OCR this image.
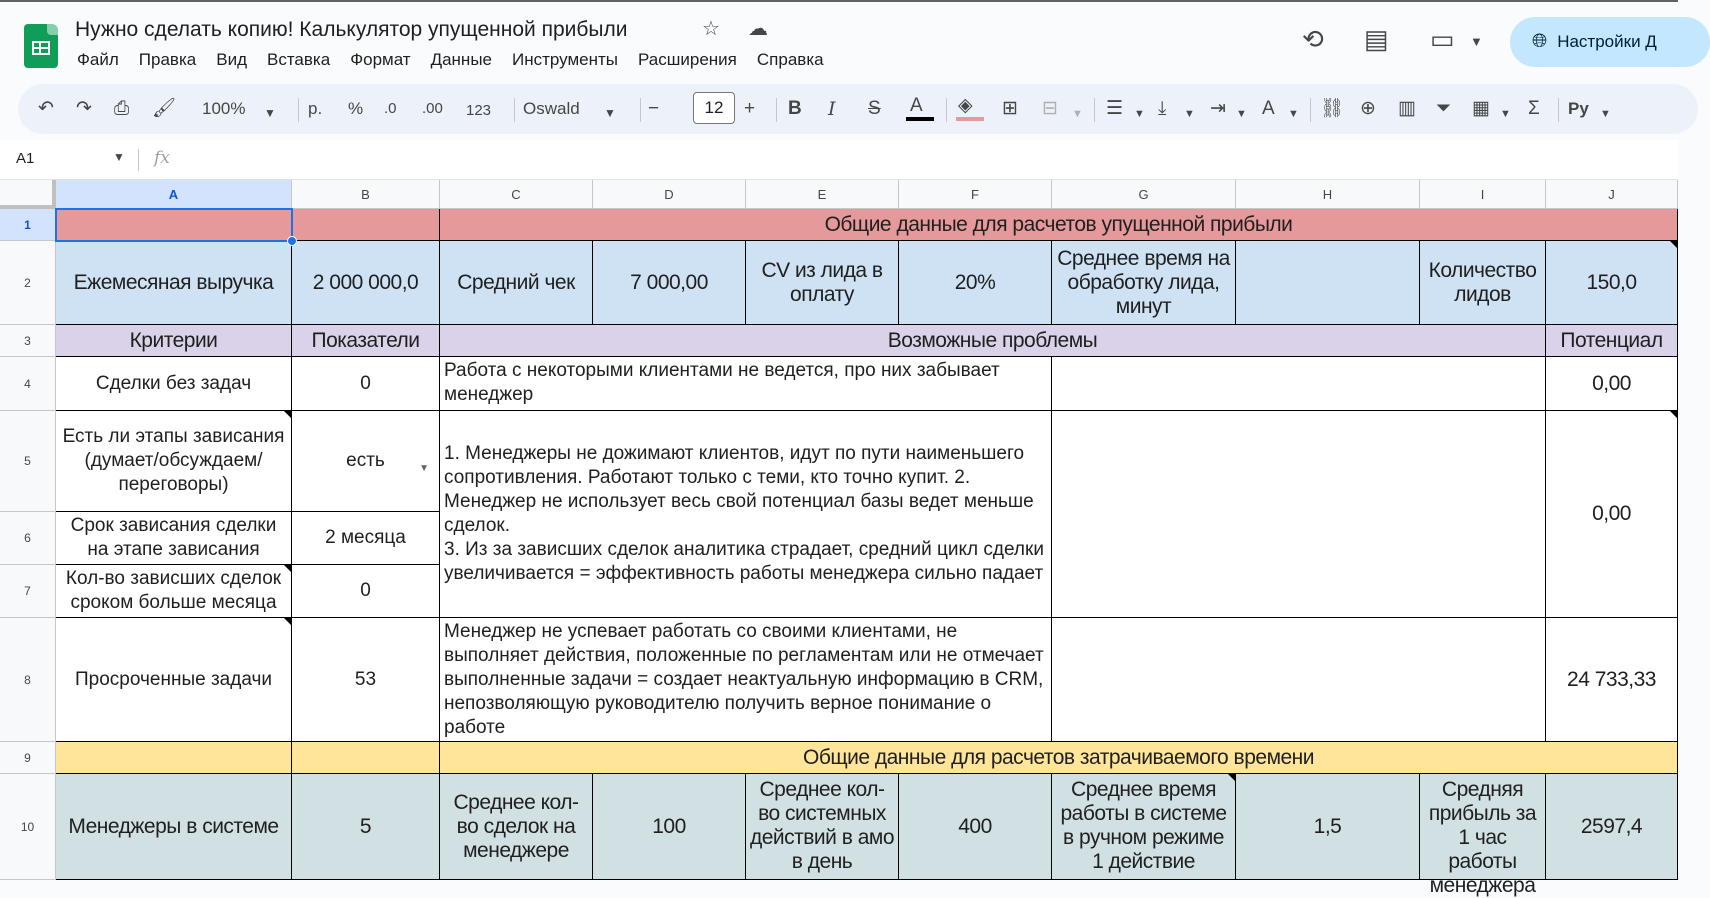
Нужно сделать копию! Калькулятор упущенной прибыли	☆ ☁
Файл Правка Вид Вставка Формат Данные Инструменты Расширения Справка
⟲ ▤ ▭ ▼	🌐︎ Настройки Д
↶ ↷ ⎙ 🖌︎ 100% ▼ р. % .0 .00 123 Oswald ▼ −	12	+ B I S A ◈ ⊞ ⊟ ▼ ☰ ▼ ⤓ ▼ ⇥ ▼ A ▼ ⛓︎ ⊕ ▥ ⏷ ▦ ▼ Σ Ру ▼
A1	▼ fx
A	B	C	D	E	F	G	H	I	J
1
2
3
4
5
6
7
8
9
10
Общие данные для расчетов упущенной прибыли
Ежемесяная выручка	2 000 000,0	Средний чек	7 000,00
CV из лида в оплату
20%
Среднее время на обработку лида, минут
Количество лидов
150,0
Критерии	Показатели	Возможные проблемы	Потенциал
Сделки без задач	0
Работа с некоторыми клиентами не ведется, про них забывает менеджер	0,00
Есть ли этапы зависания (думает/обсуждаем/переговоры)
есть	▼
Срок зависания сделки на этапе зависания
2 месяца
Кол-во зависших сделок сроком больше месяца
0
1. Менеджеры не дожимают клиентов, идут по пути наименьшего сопротивления. Работают только с теми, кто точно купит. 2. Менеджер не использует весь свой потенциал базы ведет меньше сделок.
3. Из за зависших сделок аналитика страдает, средний цикл сделки увеличивается = эффективность работы менеджера сильно падает
0,00
Просроченные задачи	53
Менеджер не успевает работать со своими клиентами, не выполняет действия, положенные по регламентам или не отмечает выполненные задачи = создает неактуальную информацию в CRM, непозволяющую руководителю получить верное понимание о работе
24 733,33
Общие данные для расчетов затрачиваемого времени
Менеджеры в системе	5
Среднее кол-во сделок на менеджере
100
Среднее кол-во системных действий в амо в день
400
Среднее время работы в системе в ручном режиме 1 действие
1,5
Средняя прибыль за 1 час работы менеджера
2597,4
